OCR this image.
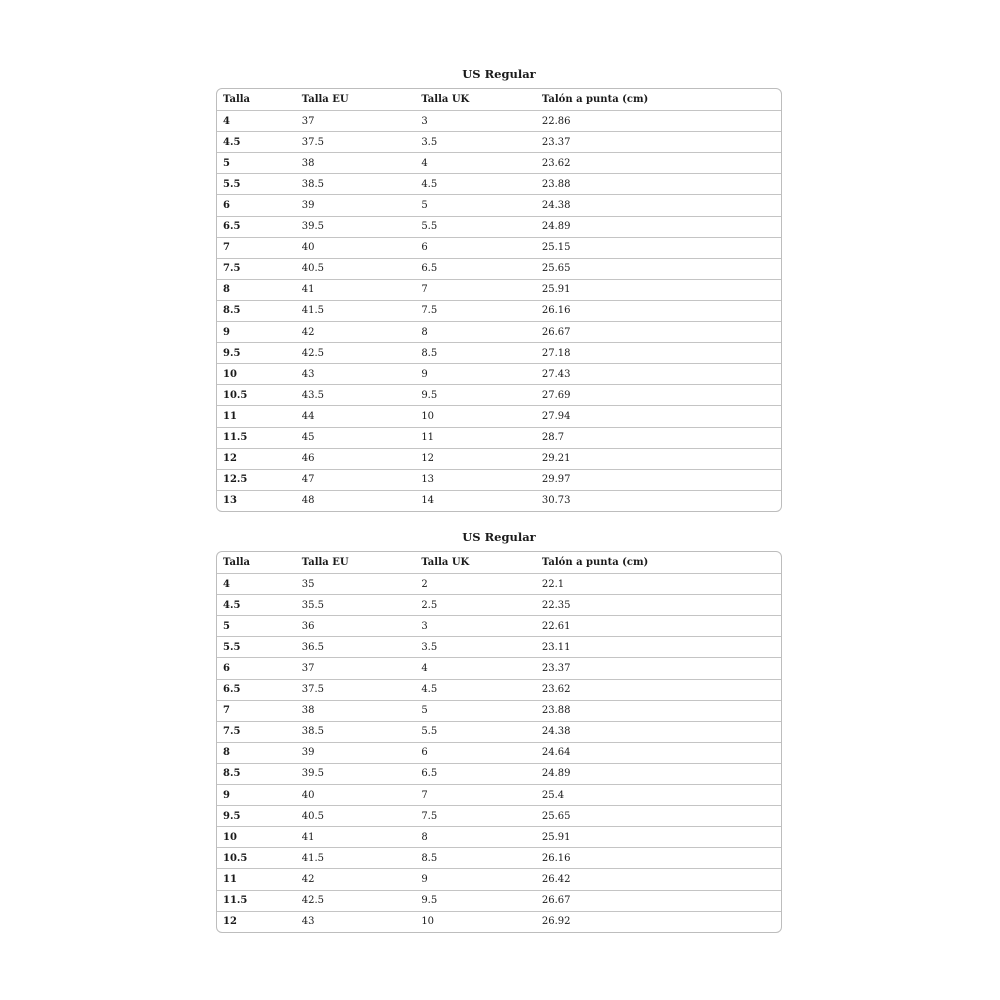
US Regular
Talla	Talla EU	Talla UK	Talón a punta (cm)
4	37	3	22.86
4.5	37.5	3.5	23.37
5	38	4	23.62
5.5	38.5	4.5	23.88
6	39	5	24.38
6.5	39.5	5.5	24.89
7	40	6	25.15
7.5	40.5	6.5	25.65
8	41	7	25.91
8.5	41.5	7.5	26.16
9	42	8	26.67
9.5	42.5	8.5	27.18
10	43	9	27.43
10.5	43.5	9.5	27.69
11	44	10	27.94
11.5	45	11	28.7
12	46	12	29.21
12.5	47	13	29.97
13	48	14	30.73
US Regular
Talla	Talla EU	Talla UK	Talón a punta (cm)
4	35	2	22.1
4.5	35.5	2.5	22.35
5	36	3	22.61
5.5	36.5	3.5	23.11
6	37	4	23.37
6.5	37.5	4.5	23.62
7	38	5	23.88
7.5	38.5	5.5	24.38
8	39	6	24.64
8.5	39.5	6.5	24.89
9	40	7	25.4
9.5	40.5	7.5	25.65
10	41	8	25.91
10.5	41.5	8.5	26.16
11	42	9	26.42
11.5	42.5	9.5	26.67
12	43	10	26.92
